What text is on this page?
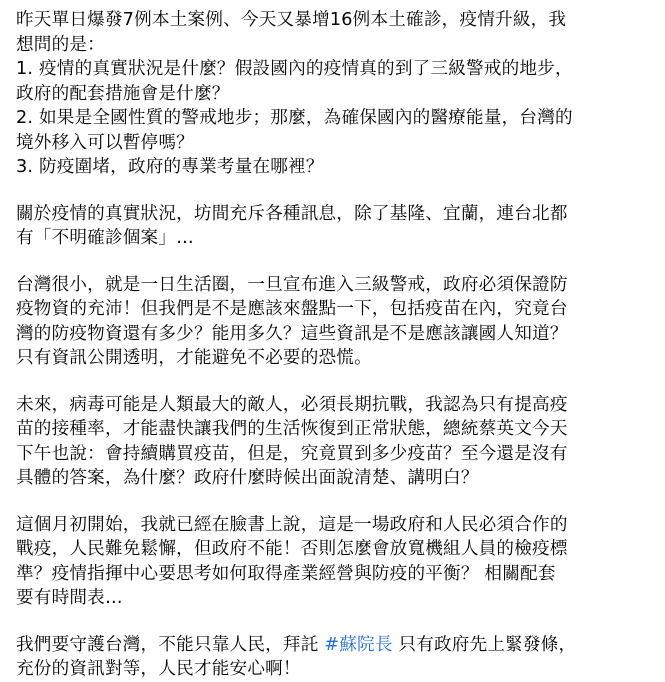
昨天單日爆發7例本土案例、今天又暴增16例本土確診，疫情升級，我
想問的是：
1. 疫情的真實狀況是什麼？假設國內的疫情真的到了三級警戒的地步，
政府的配套措施會是什麼？
2. 如果是全國性質的警戒地步；那麼，為確保國內的醫療能量，台灣的
境外移入可以暫停嗎？
3. 防疫圍堵，政府的專業考量在哪裡？
關於疫情的真實狀況，坊間充斥各種訊息，除了基隆、宜蘭，連台北都
有「不明確診個案」…
台灣很小，就是一日生活圈，一旦宣布進入三級警戒，政府必須保證防
疫物資的充沛！但我們是不是應該來盤點一下，包括疫苗在內，究竟台
灣的防疫物資還有多少？能用多久？這些資訊是不是應該讓國人知道？
只有資訊公開透明，才能避免不必要的恐慌。
未來，病毒可能是人類最大的敵人，必須長期抗戰，我認為只有提高疫
苗的接種率，才能盡快讓我們的生活恢復到正常狀態，總統蔡英文今天
下午也說：會持續購買疫苗，但是，究竟買到多少疫苗？至今還是沒有
具體的答案，為什麼？政府什麼時候出面說清楚、講明白？
這個月初開始，我就已經在臉書上說，這是一場政府和人民必須合作的
戰疫，人民難免鬆懈，但政府不能！否則怎麼會放寬機組人員的檢疫標
準？疫情指揮中心要思考如何取得產業經營與防疫的平衡？ 相關配套
要有時間表…
我們要守護台灣，不能只靠人民，拜託 #蘇院長 只有政府先上緊發條，
充份的資訊對等，人民才能安心啊！
